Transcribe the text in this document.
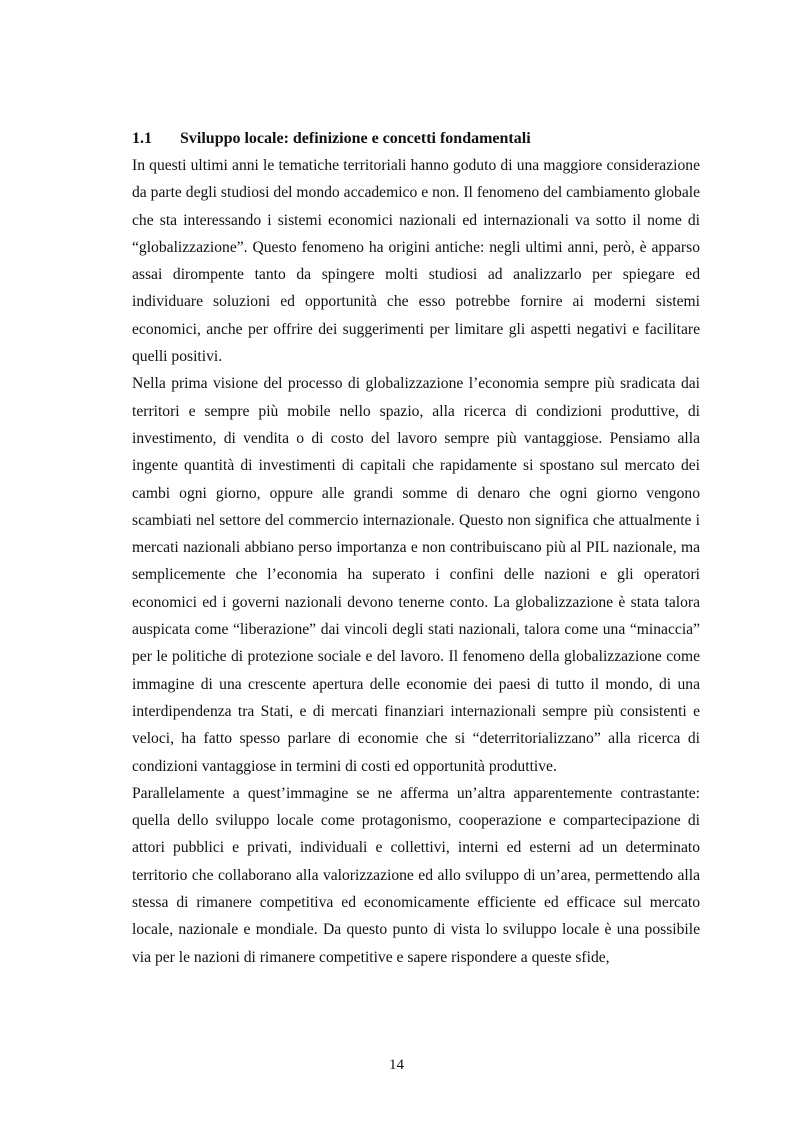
1.1 Sviluppo locale: definizione e concetti fondamentali

In questi ultimi anni le tematiche territoriali hanno goduto di una maggiore considerazione da parte degli studiosi del mondo accademico e non. Il fenomeno del cambiamento globale che sta interessando i sistemi economici nazionali ed internazionali va sotto il nome di “globalizzazione”. Questo fenomeno ha origini antiche: negli ultimi anni, però, è apparso assai dirompente tanto da spingere molti studiosi ad analizzarlo per spiegare ed individuare soluzioni ed opportunità che esso potrebbe fornire ai moderni sistemi economici, anche per offrire dei suggerimenti per limitare gli aspetti negativi e facilitare quelli positivi.

Nella prima visione del processo di globalizzazione l’economia sempre più sradicata dai territori e sempre più mobile nello spazio, alla ricerca di condizioni produttive, di investimento, di vendita o di costo del lavoro sempre più vantaggiose. Pensiamo alla ingente quantità di investimenti di capitali che rapidamente si spostano sul mercato dei cambi ogni giorno, oppure alle grandi somme di denaro che ogni giorno vengono scambiati nel settore del commercio internazionale. Questo non significa che attualmente i mercati nazionali abbiano perso importanza e non contribuiscano più al PIL nazionale, ma semplicemente che l’economia ha superato i confini delle nazioni e gli operatori economici ed i governi nazionali devono tenerne conto. La globalizzazione è stata talora auspicata come “liberazione” dai vincoli degli stati nazionali, talora come una “minaccia” per le politiche di protezione sociale e del lavoro. Il fenomeno della globalizzazione come immagine di una crescente apertura delle economie dei paesi di tutto il mondo, di una interdipendenza tra Stati, e di mercati finanziari internazionali sempre più consistenti e veloci, ha fatto spesso parlare di economie che si “deterritorializzano” alla ricerca di condizioni vantaggiose in termini di costi ed opportunità produttive.

Parallelamente a quest’immagine se ne afferma un’altra apparentemente contrastante: quella dello sviluppo locale come protagonismo, cooperazione e compartecipazione di attori pubblici e privati, individuali e collettivi, interni ed esterni ad un determinato territorio che collaborano alla valorizzazione ed allo sviluppo di un’area, permettendo alla stessa di rimanere competitiva ed economicamente efficiente ed efficace sul mercato locale, nazionale e mondiale. Da questo punto di vista lo sviluppo locale è una possibile via per le nazioni di rimanere competitive e sapere rispondere a queste sfide,

14
